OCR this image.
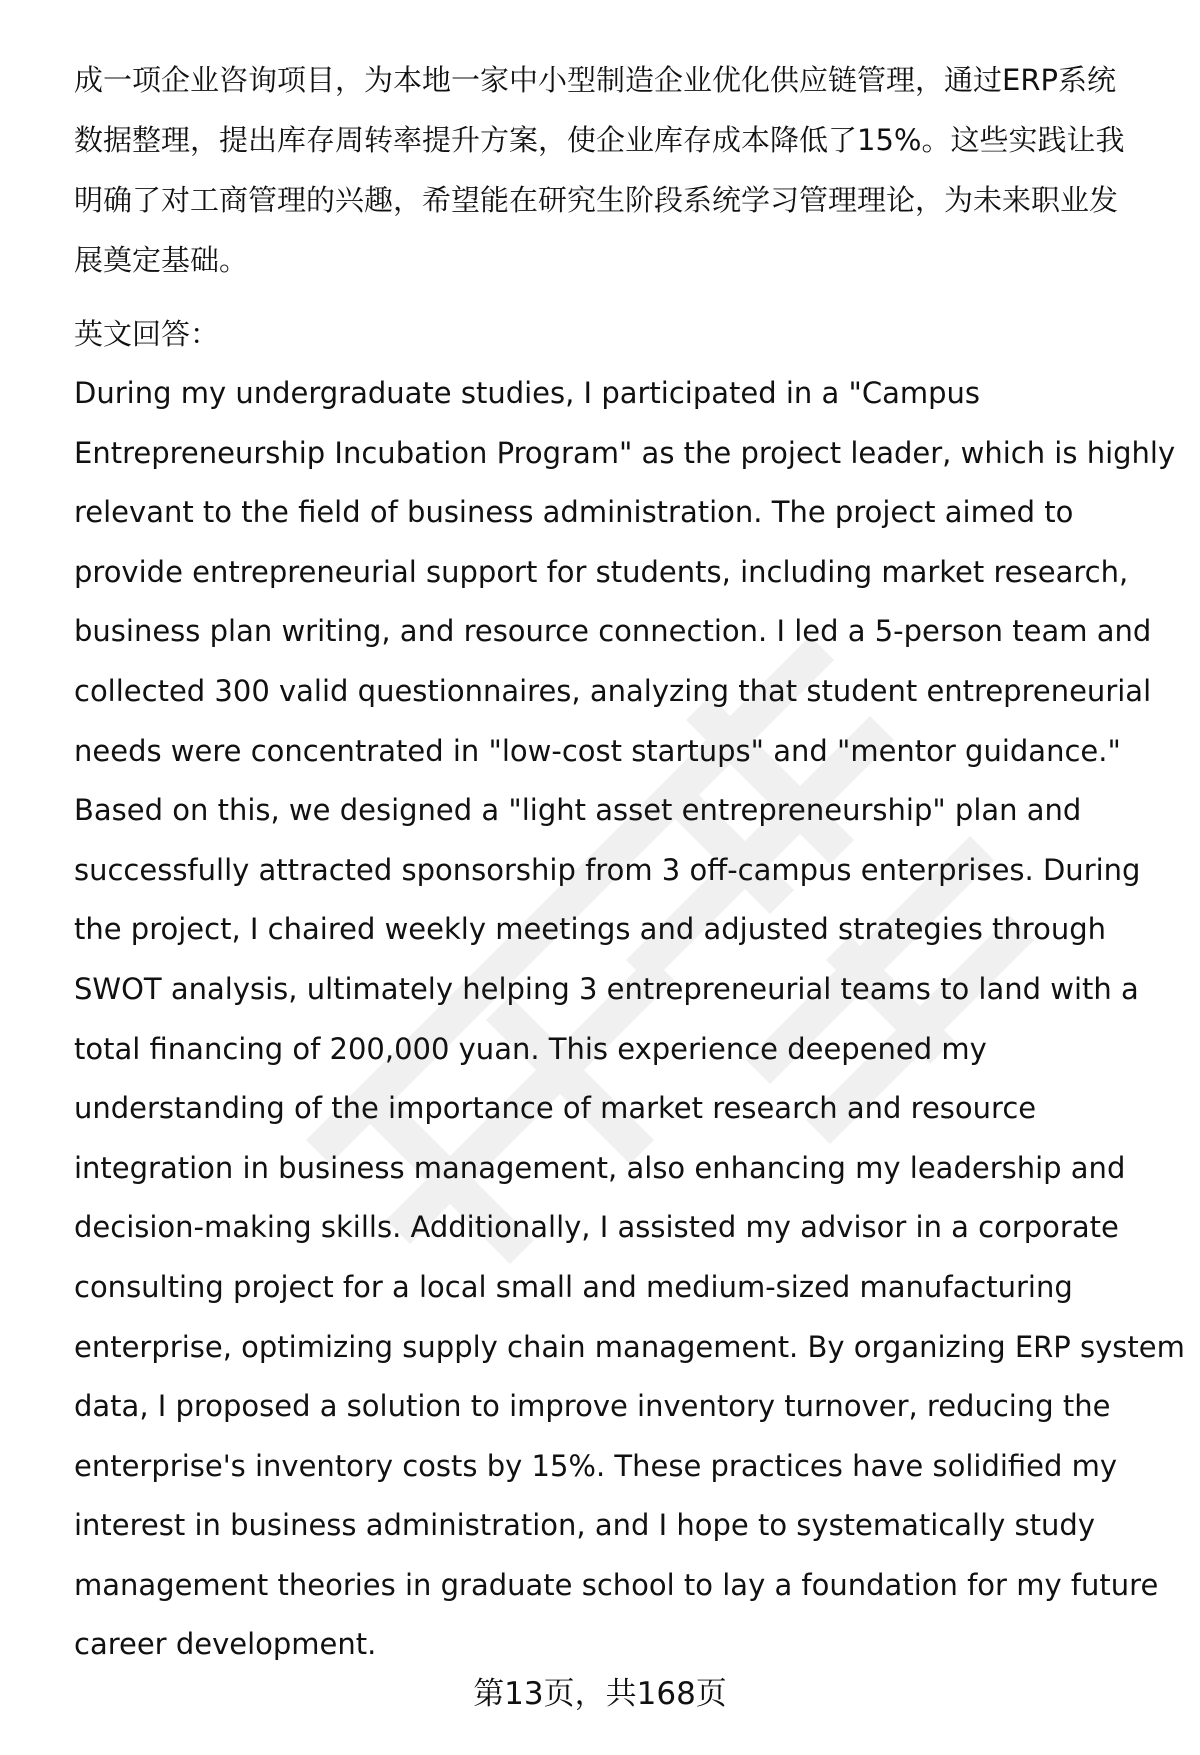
成一项企业咨询项目，为本地一家中小型制造企业优化供应链管理，通过ERP系统
数据整理，提出库存周转率提升方案，使企业库存成本降低了15%。这些实践让我
明确了对工商管理的兴趣，希望能在研究生阶段系统学习管理理论，为未来职业发
展奠定基础。

英文回答：

During my undergraduate studies, I participated in a "Campus
Entrepreneurship Incubation Program" as the project leader, which is highly
relevant to the field of business administration. The project aimed to
provide entrepreneurial support for students, including market research,
business plan writing, and resource connection. I led a 5-person team and
collected 300 valid questionnaires, analyzing that student entrepreneurial
needs were concentrated in "low-cost startups" and "mentor guidance."
Based on this, we designed a "light asset entrepreneurship" plan and
successfully attracted sponsorship from 3 off-campus enterprises. During
the project, I chaired weekly meetings and adjusted strategies through
SWOT analysis, ultimately helping 3 entrepreneurial teams to land with a
total financing of 200,000 yuan. This experience deepened my
understanding of the importance of market research and resource
integration in business management, also enhancing my leadership and
decision-making skills. Additionally, I assisted my advisor in a corporate
consulting project for a local small and medium-sized manufacturing
enterprise, optimizing supply chain management. By organizing ERP system
data, I proposed a solution to improve inventory turnover, reducing the
enterprise's inventory costs by 15%. These practices have solidified my
interest in business administration, and I hope to systematically study
management theories in graduate school to lay a foundation for my future
career development.

第13页，共168页
